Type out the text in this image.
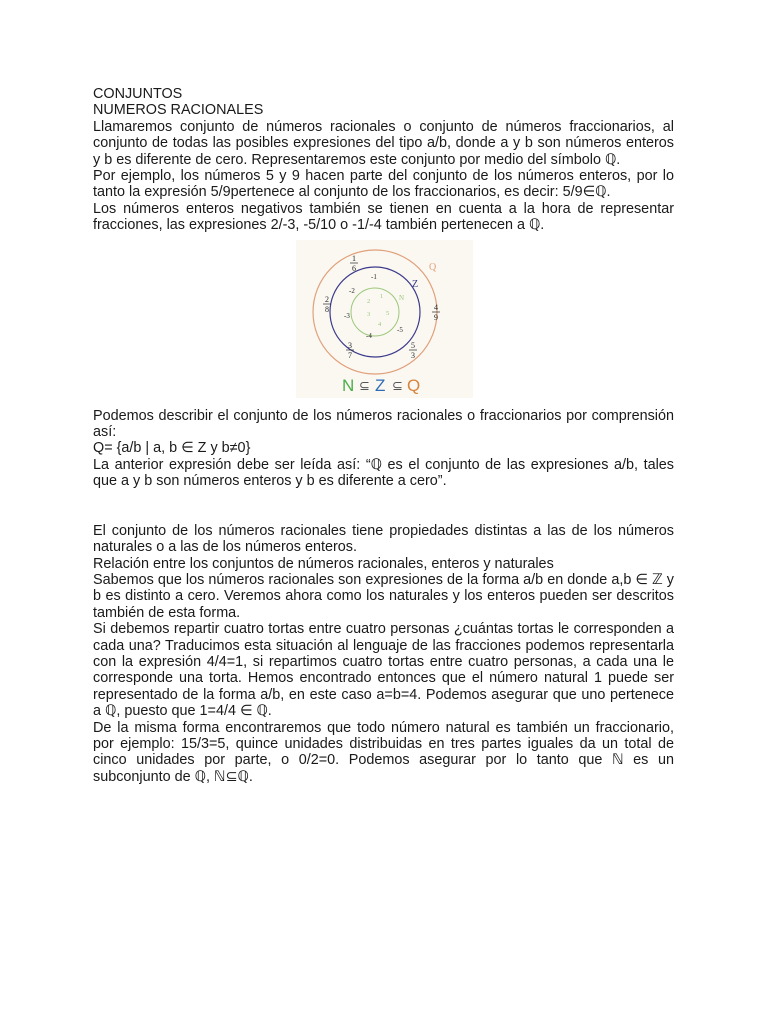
CONJUNTOS
NUMEROS RACIONALES
Llamaremos conjunto de números racionales o conjunto de números fraccionarios, al conjunto de todas las posibles expresiones del tipo a/b, donde a y b son números enteros y b es diferente de cero. Representaremos este conjunto por medio del símbolo ℚ.
Por ejemplo, los números 5 y 9 hacen parte del conjunto de los números enteros, por lo tanto la expresión 5/9pertenece al conjunto de los fraccionarios, es decir: 5/9∈ℚ.
Los números enteros negativos también se tienen en cuenta a la hora de representar fracciones, las expresiones 2/-3, -5/10 o -1/-4 también pertenecen a ℚ.
Q
Z
N
1
2
3
4
5
-1
-2
-3
-4
-5
1
6
2
8	4
9
3
7
5
3
N ⊆ Z ⊆ Q
Podemos describir el conjunto de los números racionales o fraccionarios por comprensión así:
Q= {a/b | a, b ∈ Z y b≠0}
La anterior expresión debe ser leída así: “ℚ es el conjunto de las expresiones a/b, tales que a y b son números enteros y b es diferente a cero”.
El conjunto de los números racionales tiene propiedades distintas a las de los números naturales o a las de los números enteros.
Relación entre los conjuntos de números racionales, enteros y naturales
Sabemos que los números racionales son expresiones de la forma a/b en donde a,b ∈ ℤ y b es distinto a cero. Veremos ahora como los naturales y los enteros pueden ser descritos también de esta forma.
Si debemos repartir cuatro tortas entre cuatro personas ¿cuántas tortas le corresponden a cada una? Traducimos esta situación al lenguaje de las fracciones podemos representarla con la expresión 4/4=1, si repartimos cuatro tortas entre cuatro personas, a cada una le corresponde una torta. Hemos encontrado entonces que el número natural 1 puede ser representado de la forma a/b, en este caso a=b=4. Podemos asegurar que uno pertenece a ℚ, puesto que 1=4/4 ∈ ℚ.
De la misma forma encontraremos que todo número natural es también un fraccionario, por ejemplo: 15/3=5, quince unidades distribuidas en tres partes iguales da un total de cinco unidades por parte, o 0/2=0. Podemos asegurar por lo tanto que ℕ es un subconjunto de ℚ, ℕ⊆ℚ.
